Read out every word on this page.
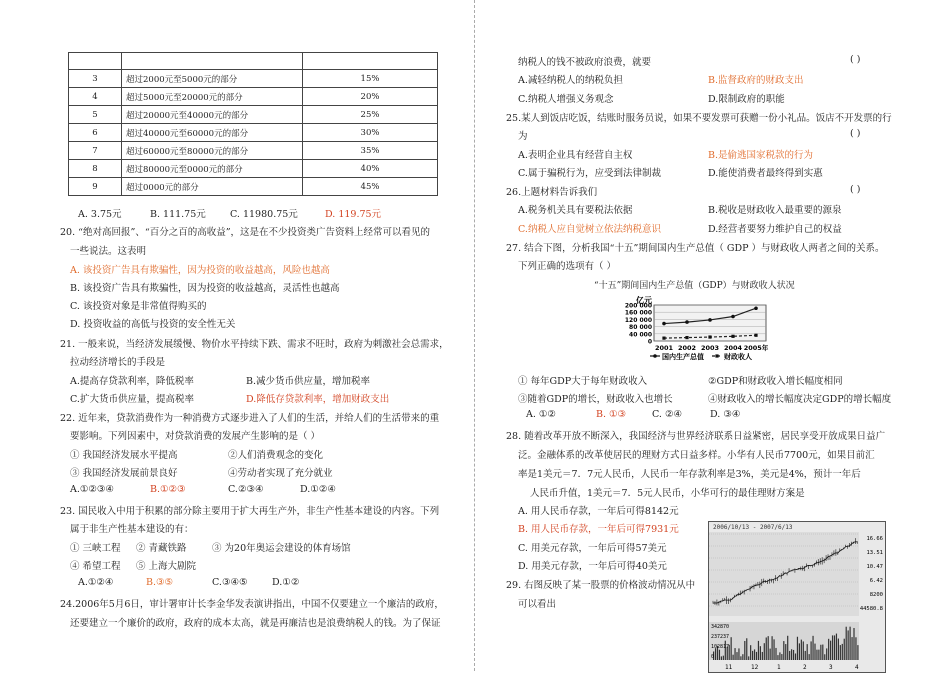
3	超过2000元至5000元的部分	15%
4	超过5000元至20000元的部分	20%
5	超过20000元至40000元的部分	25%
6	超过40000元至60000元的部分	30%
7	超过60000元至80000元的部分	35%
8	超过80000元至0000元的部分	40%
9	超过0000元的部分	45%
A. 3.75元	B. 111.75元	C. 11980.75元	D. 119.75元
20. “绝对高回报”、“百分之百的高收益”，这是在不少投资类广告资料上经常可以看见的
一些说法。这表明
A. 该投资广告具有欺骗性，因为投资的收益越高，风险也越高
B. 该投资广告具有欺骗性，因为投资的收益越高，灵活性也越高
C. 该投资对象是非常值得购买的
D. 投资收益的高低与投资的安全性无关
21. 一般来说，当经济发展缓慢、物价水平持续下跌、需求不旺时，政府为刺激社会总需求，
拉动经济增长的手段是
A.提高存贷款利率，降低税率	B.减少货币供应量，增加税率
C.扩大货币供应量，提高税率	D.降低存贷款利率，增加财政支出
22. 近年来，贷款消费作为一种消费方式逐步进入了人们的生活，并给人们的生活带来的重
要影响。下列因素中，对贷款消费的发展产生影响的是（ ）
① 我国经济发展水平提高	②人们消费观念的变化
③ 我国经济发展前景良好	④劳动者实现了充分就业
A.①②③④	B.①②③	C.②③④	D.①②④
23. 国民收入中用于积累的部分除主要用于扩大再生产外，非生产性基本建设的内容。下列
属于非生产性基本建设的有：
① 三峡工程 ② 青藏铁路	③ 为20年奥运会建设的体育场馆
④ 希望工程 ⑤ 上海大剧院
A.①②④	B.③⑤	C.③④⑤	D.①②
24.2006年5月6日，审计署审计长李金华发表演讲指出，中国不仅要建立一个廉洁的政府，
还要建立一个廉价的政府，政府的成本太高，就是再廉洁也是浪费纳税人的钱。为了保证
纳税人的钱不被政府浪费，就要	( )
A.减轻纳税人的纳税负担	B.监督政府的财政支出
C.纳税人增强义务观念	D.限制政府的职能
25.某人到饭店吃饭，结账时服务员说，如果不要发票可获赠一份小礼品。饭店不开发票的行
为	( )
A.表明企业具有经营自主权	B.是偷逃国家税款的行为
C.属于骗税行为，应受到法律制裁	D.能使消费者最终得到实惠
26.上题材料告诉我们	( )
A.税务机关具有要税法依据	B.税收是财政收入最重要的源泉
C.纳税人应自觉树立依法纳税意识	D.经营者要努力维护自己的权益
27. 结合下图，分析我国“十五”期间国内生产总值（ GDP ）与财政收人两者之间的关系。
下列正确的选项有（ ）
“十五”期间国内生产总值（GDP）与财政收人状况
亿元
200 000
160 000
120 000
80 000
40 000
0
2001 2002 2003 2004 2005年
国内生产总值	财政收人
① 每年GDP大于每年财政收入	②GDP和财政收入增长幅度相同
③随着GDP的增长，财政收入也增长	④财政收入的增长幅度决定GDP的增长幅度
A. ①②	B. ①③	C. ②④	D. ③④
28. 随着改革开放不断深入，我国经济与世界经济联系日益紧密，居民享受开放成果日益广
泛。金融体系的改革使居民的理财方式日益多样。小华有人民币7700元，如果目前汇
率是1美元＝7．7元人民币，人民币一年存款利率是3%，美元是4%，预计一年后
人民币升值，1美元＝7．5元人民币，小华可行的最佳理财方案是
A. 用人民币存款，一年后可得8142元
B. 用人民币存款，一年后可得7931元
C. 用美元存款，一年后可得57美元
D. 用美元存款，一年后可得40美元
29. 右图反映了某一股票的价格波动情况从中
可以看出
2006/10/13 - 2007/6/13
16.66
13.51
10.47
6.42
8200
44580.8
342870
237237
102817
0
11	12	1	2	3	4
